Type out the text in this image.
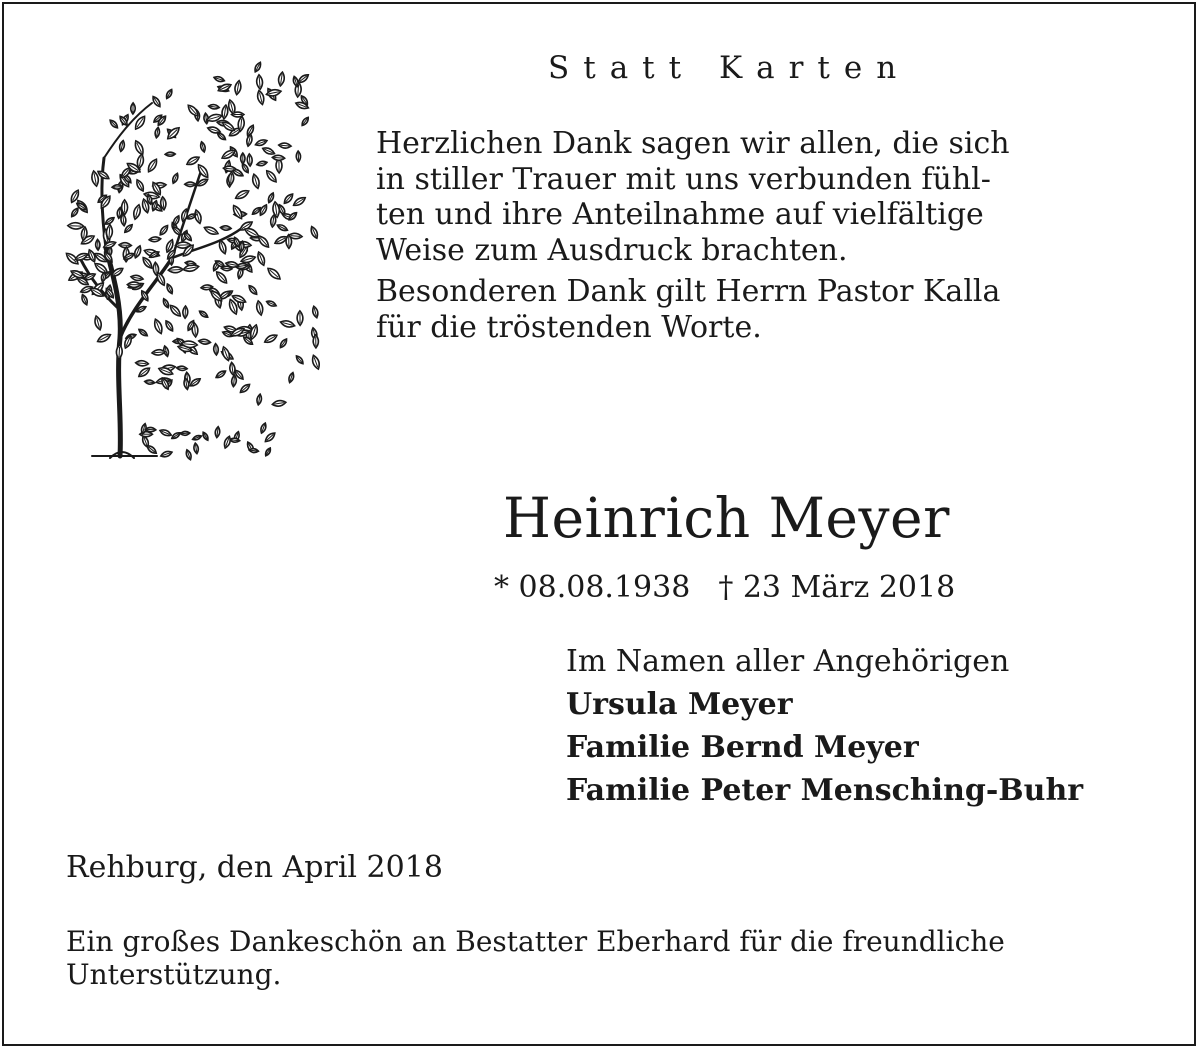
Statt Karten

Herzlichen Dank sagen wir allen, die sich
in stiller Trauer mit uns verbunden fühl-
ten und ihre Anteilnahme auf vielfältige
Weise zum Ausdruck brachten.

Besonderen Dank gilt Herrn Pastor Kalla
für die tröstenden Worte.

Heinrich Meyer
* 08.08.1938 † 23 März 2018
Im Namen aller Angehörigen
Ursula Meyer
Familie Bernd Meyer
Familie Peter Mensching-Buhr
Rehburg, den April 2018
Ein großes Dankeschön an Bestatter Eberhard für die freundliche
Unterstützung.
